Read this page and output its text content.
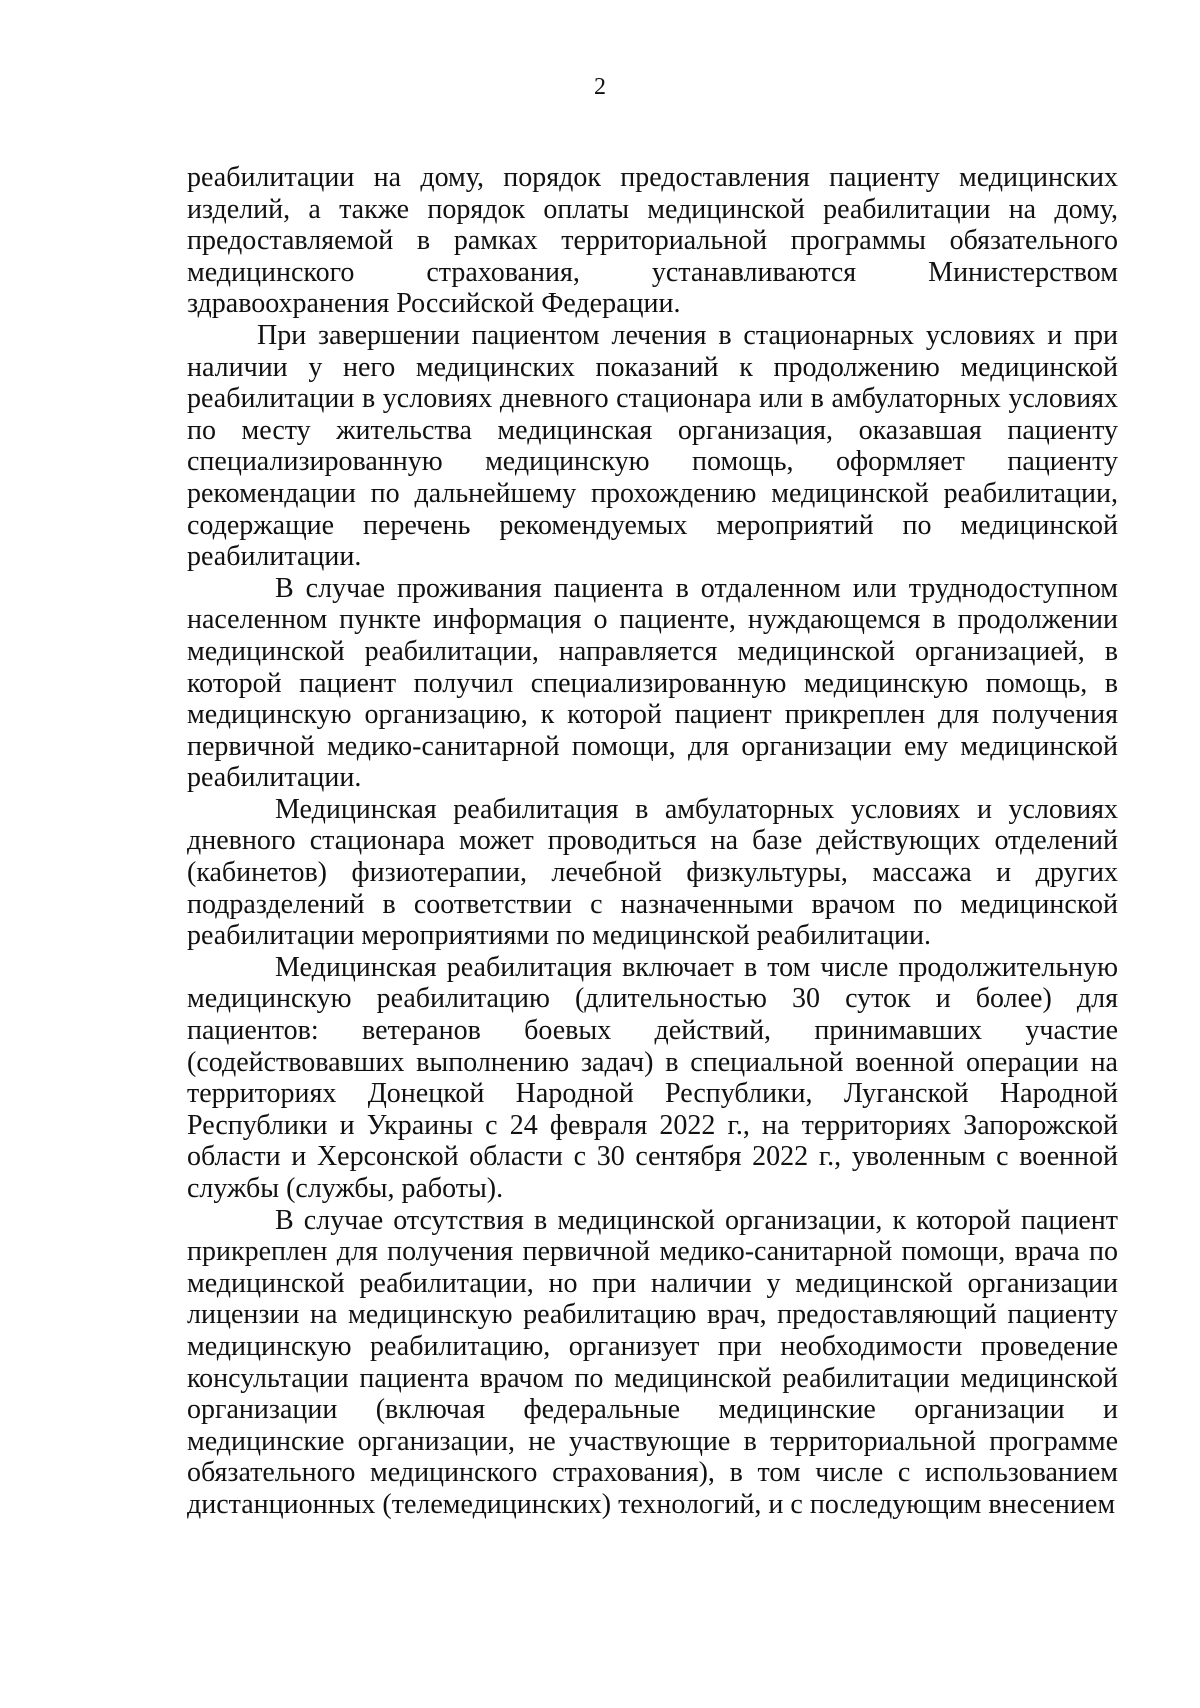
2

реабилитации на дому, порядок предоставления пациенту медицинских изделий, а также порядок оплаты медицинской реабилитации на дому, предоставляемой в рамках территориальной программы обязательного медицинского страхования, устанавливаются Министерством здравоохранения Российской Федерации.

При завершении пациентом лечения в стационарных условиях и при наличии у него медицинских показаний к продолжению медицинской реабилитации в условиях дневного стационара или в амбулаторных условиях по месту жительства медицинская организация, оказавшая пациенту специализированную медицинскую помощь, оформляет пациенту рекомендации по дальнейшему прохождению медицинской реабилитации, содержащие перечень рекомендуемых мероприятий по медицинской реабилитации.

В случае проживания пациента в отдаленном или труднодоступном населенном пункте информация о пациенте, нуждающемся в продолжении медицинской реабилитации, направляется медицинской организацией, в которой пациент получил специализированную медицинскую помощь, в медицинскую организацию, к которой пациент прикреплен для получения первичной медико-санитарной помощи, для организации ему медицинской реабилитации.

Медицинская реабилитация в амбулаторных условиях и условиях дневного стационара может проводиться на базе действующих отделений (кабинетов) физиотерапии, лечебной физкультуры, массажа и других подразделений в соответствии с назначенными врачом по медицинской реабилитации мероприятиями по медицинской реабилитации.

Медицинская реабилитация включает в том числе продолжительную медицинскую реабилитацию (длительностью 30 суток и более) для пациентов: ветеранов боевых действий, принимавших участие (содействовавших выполнению задач) в специальной военной операции на территориях Донецкой Народной Республики, Луганской Народной Республики и Украины с 24 февраля 2022 г., на территориях Запорожской области и Херсонской области с 30 сентября 2022 г., уволенным с военной службы (службы, работы).

В случае отсутствия в медицинской организации, к которой пациент прикреплен для получения первичной медико-санитарной помощи, врача по медицинской реабилитации, но при наличии у медицинской организации лицензии на медицинскую реабилитацию врач, предоставляющий пациенту медицинскую реабилитацию, организует при необходимости проведение консультации пациента врачом по медицинской реабилитации медицинской организации (включая федеральные медицинские организации и медицинские организации, не участвующие в территориальной программе обязательного медицинского страхования), в том числе с использованием дистанционных (телемедицинских) технологий, и с последующим внесением
